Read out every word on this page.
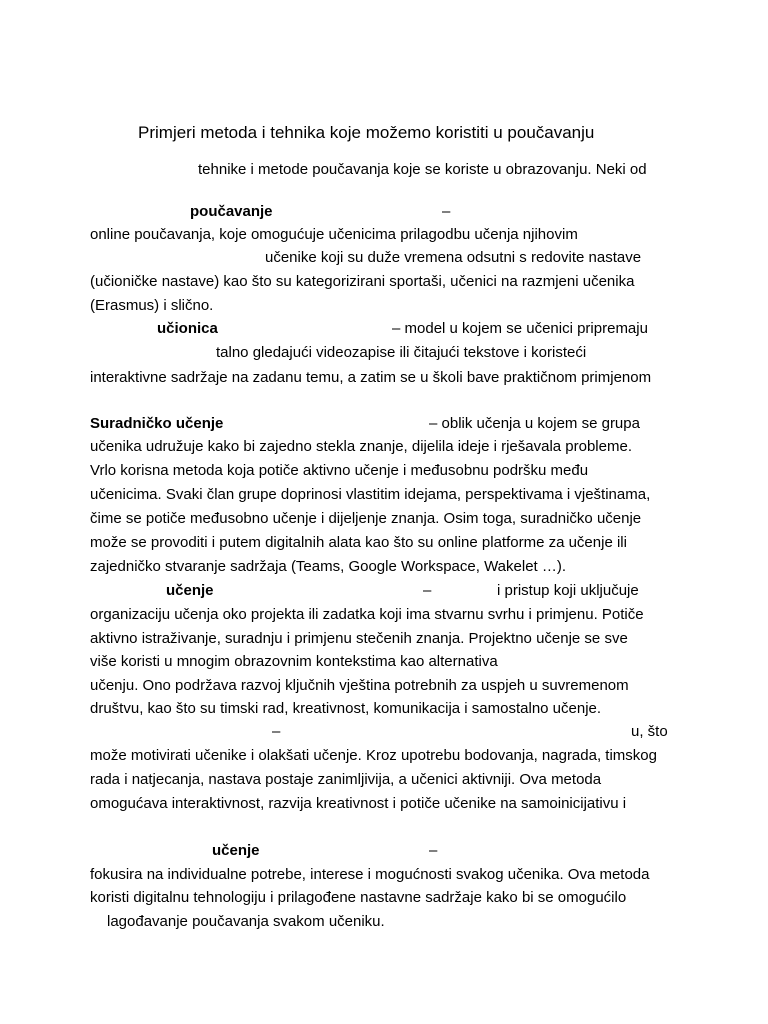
Primjeri metoda i tehnika koje možemo koristiti u poučavanju
tehnike i metode poučavanja koje se koriste u obrazovanju. Neki od
poučavanje	–
online poučavanja, koje omogućuje učenicima prilagodbu učenja njihovim
učenike koji su duže vremena odsutni s redovite nastave
(učioničke nastave) kao što su kategorizirani sportaši, učenici na razmjeni učenika
(Erasmus) i slično.
učionica	– model u kojem se učenici pripremaju
talno gledajući videozapise ili čitajući tekstove i koristeći
interaktivne sadržaje na zadanu temu, a zatim se u školi bave praktičnom primjenom
Suradničko učenje	– oblik učenja u kojem se grupa
učenika udružuje kako bi zajedno stekla znanje, dijelila ideje i rješavala probleme.
Vrlo korisna metoda koja potiče aktivno učenje i međusobnu podršku među
učenicima. Svaki član grupe doprinosi vlastitim idejama, perspektivama i vještinama,
čime se potiče međusobno učenje i dijeljenje znanja. Osim toga, suradničko učenje
može se provoditi i putem digitalnih alata kao što su online platforme za učenje ili
zajedničko stvaranje sadržaja (Teams, Google Workspace, Wakelet …).
učenje	–	i pristup koji uključuje
organizaciju učenja oko projekta ili zadatka koji ima stvarnu svrhu i primjenu. Potiče
aktivno istraživanje, suradnju i primjenu stečenih znanja. Projektno učenje se sve
više koristi u mnogim obrazovnim kontekstima kao alternativa
učenju. Ono podržava razvoj ključnih vještina potrebnih za uspjeh u suvremenom
društvu, kao što su timski rad, kreativnost, komunikacija i samostalno učenje.
–	u, što
može motivirati učenike i olakšati učenje. Kroz upotrebu bodovanja, nagrada, timskog
rada i natjecanja, nastava postaje zanimljivija, a učenici aktivniji. Ova metoda
omogućava interaktivnost, razvija kreativnost i potiče učenike na samoinicijativu i
učenje	–
fokusira na individualne potrebe, interese i mogućnosti svakog učenika. Ova metoda
koristi digitalnu tehnologiju i prilagođene nastavne sadržaje kako bi se omogućilo
lagođavanje poučavanja svakom učeniku.
